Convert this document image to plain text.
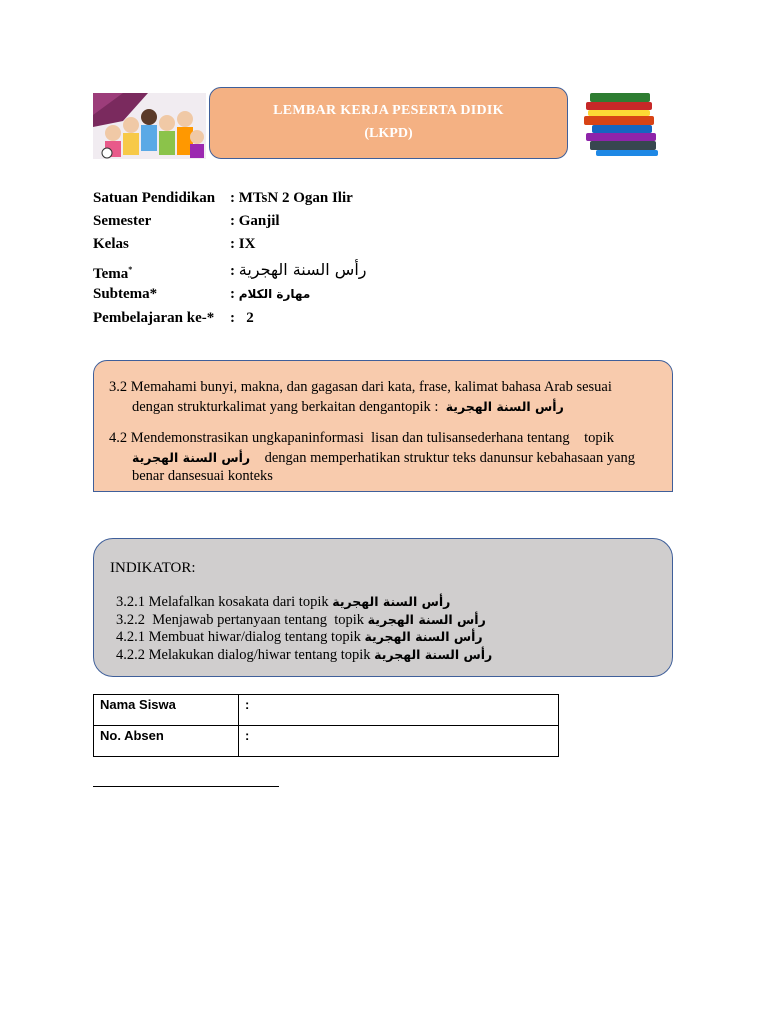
LEMBAR KERJA PESERTA DIDIK
(LKPD)
Satuan Pendidikan : MTsN 2 Ogan Ilir
Semester	: Ganjil
Kelas	: IX
Tema*	: رأس السنة الهجرية
Subtema*	: مهارة الكلام
Pembelajaran ke-* :   2

3.2 Memahami bunyi, makna, dan gagasan dari kata, frase, kalimat bahasa Arab sesuai

dengan strukturkalimat yang berkaitan dengantopik : رأس السنة الهجرية

4.2 Mendemonstrasikan ungkapaninformasi  lisan dan tulisansederhana tentang    topik

رأس السنة الهجرية dengan memperhatikan struktur teks danunsur kebahasaan yang

benar dansesuai konteks

INDIKATOR:
3.2.1 Melafalkan kosakata dari topik رأس السنة الهجرية
3.2.2  Menjawab pertanyaan tentang  topik رأس السنة الهجرية
4.2.1 Membuat hiwar/dialog tentang topik رأس السنة الهجرية
4.2.2 Melakukan dialog/hiwar tentang topik رأس السنة الهجرية
Nama Siswa	:
No. Absen	:
